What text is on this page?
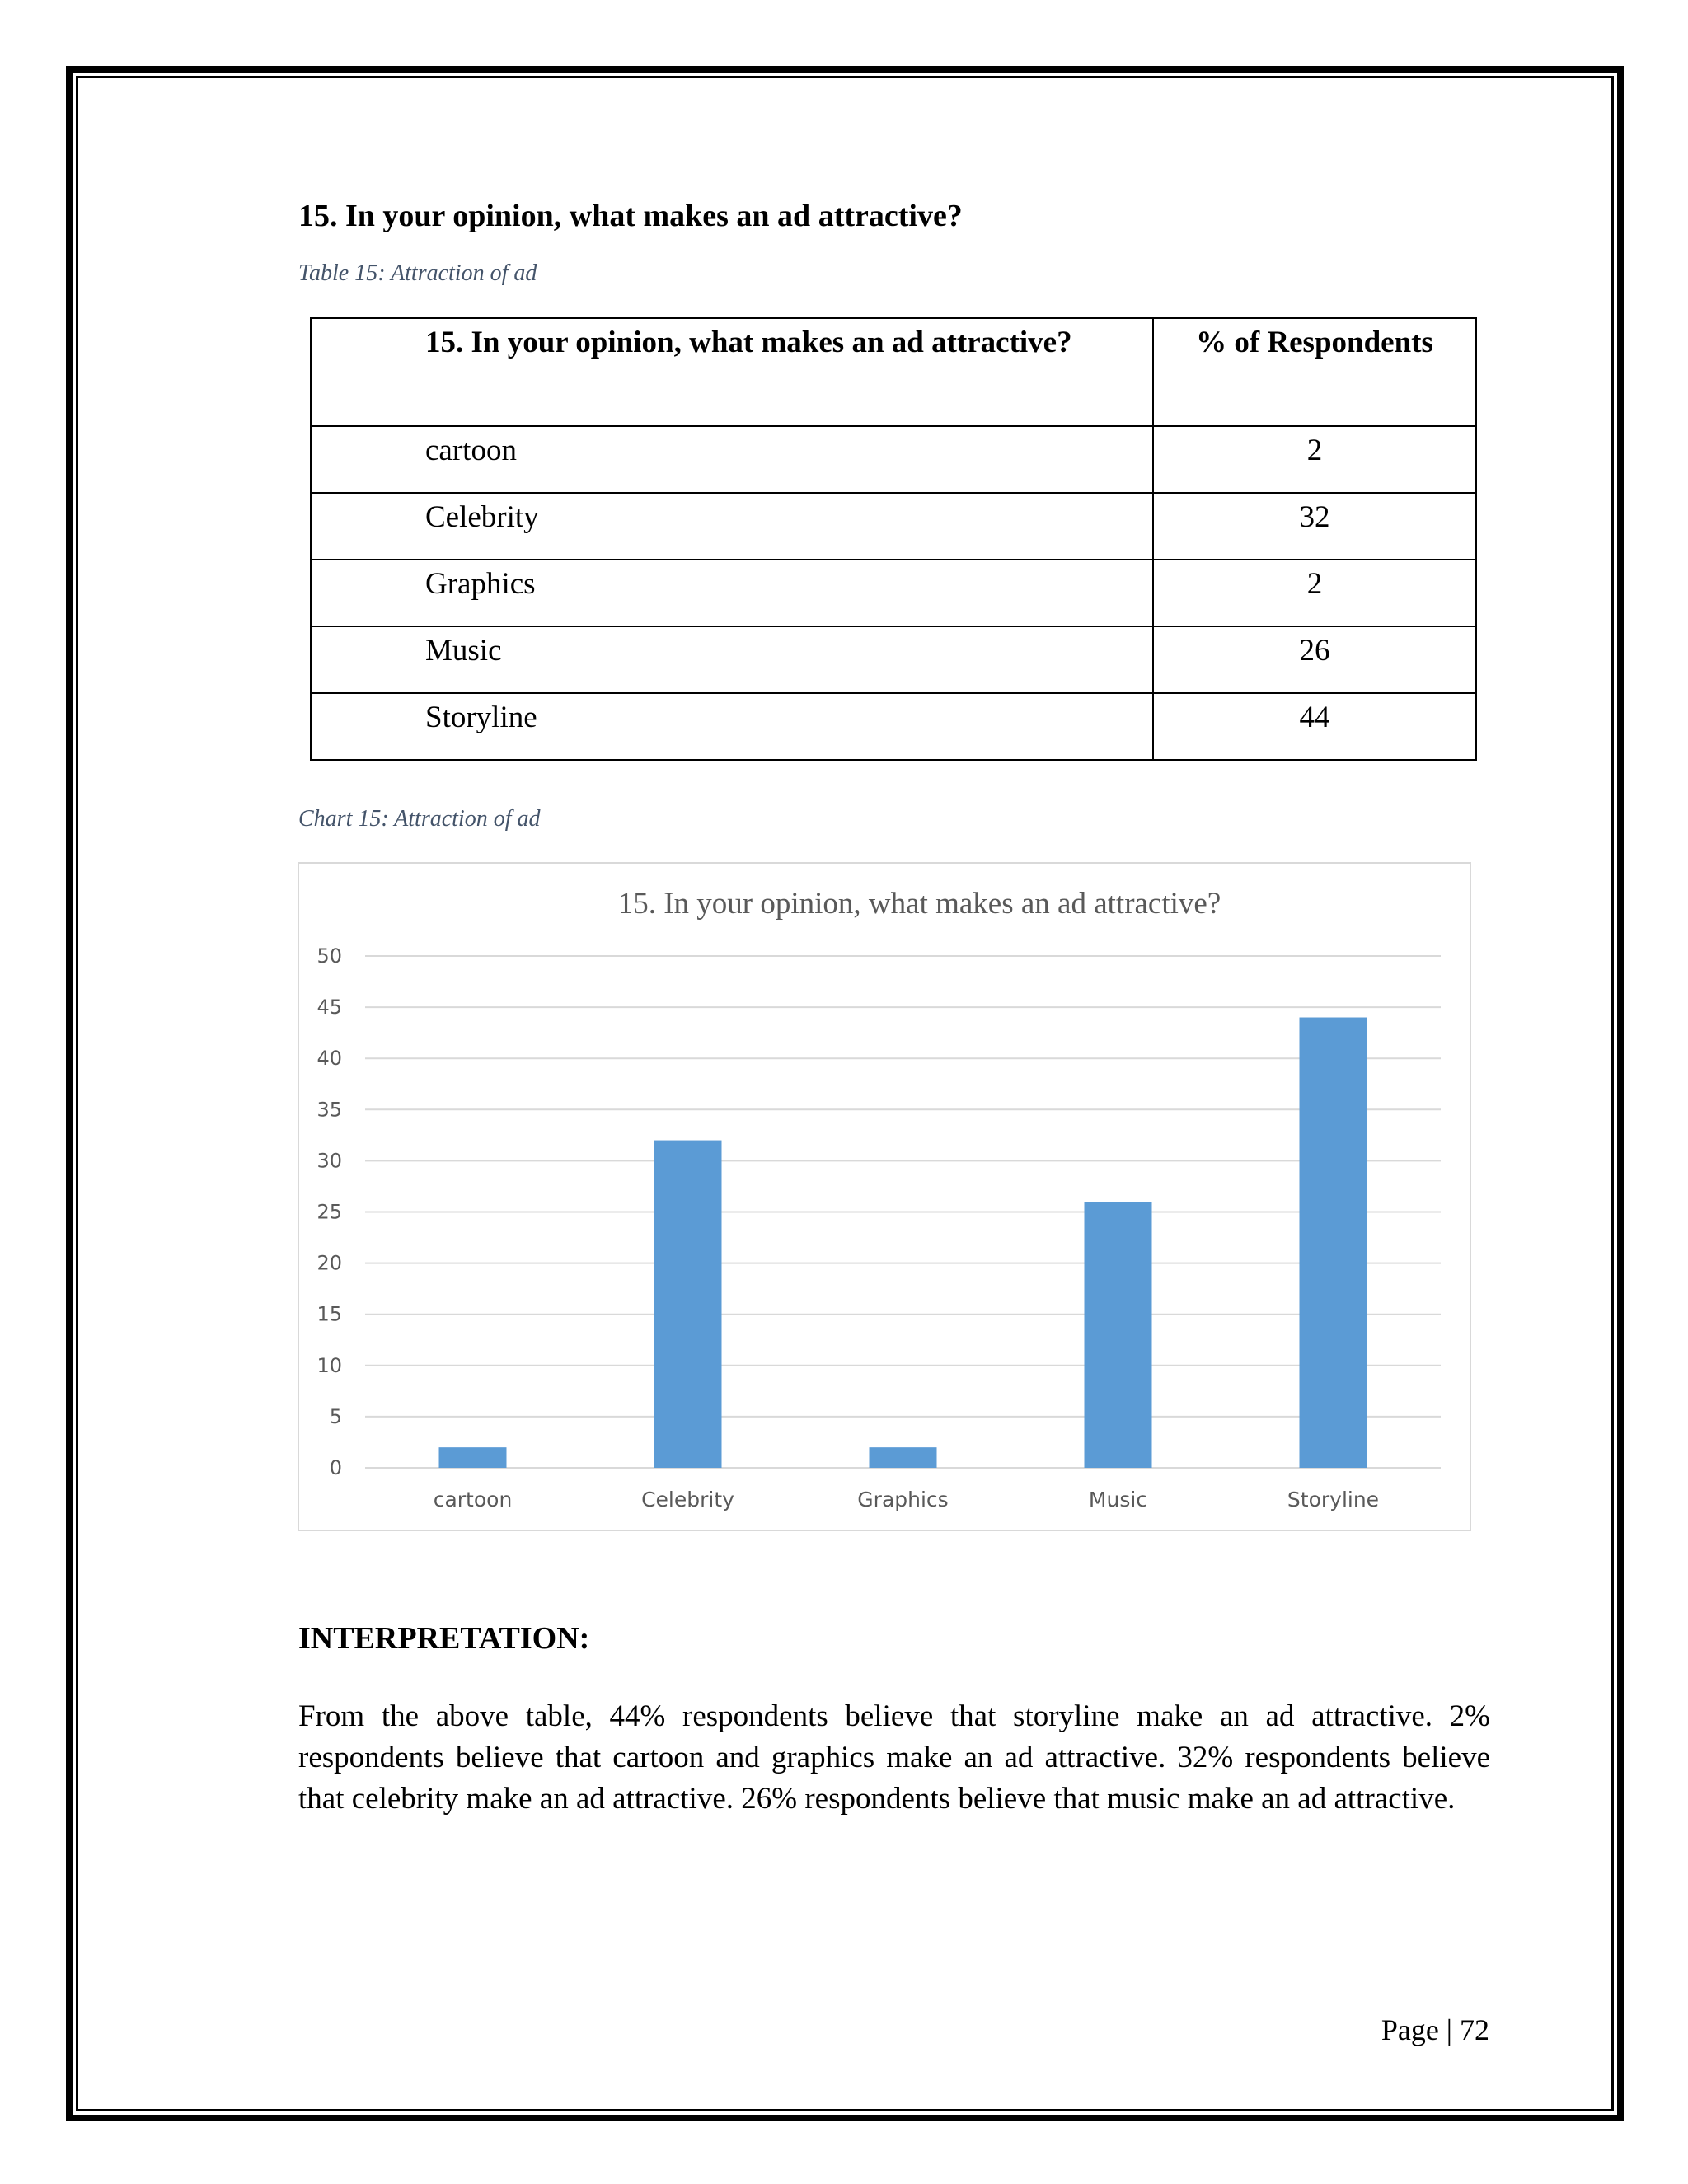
15. In your opinion, what makes an ad attractive?

Table 15: Attraction of ad

15. In your opinion, what makes an ad attractive?	% of Respondents
cartoon	2
Celebrity	32
Graphics	2
Music	26
Storyline	44

Chart 15: Attraction of ad

15. In your opinion, what makes an ad attractive?
0
5
10
15
20
25
30
35
40
45
50
cartoon	Celebrity	Graphics	Music	Storyline
INTERPRETATION:

From the above table, 44% respondents believe that storyline make an ad attractive. 2% respondents believe that cartoon and graphics make an ad attractive. 32% respondents believe that celebrity make an ad attractive. 26% respondents believe that music make an ad attractive.

Page | 72
